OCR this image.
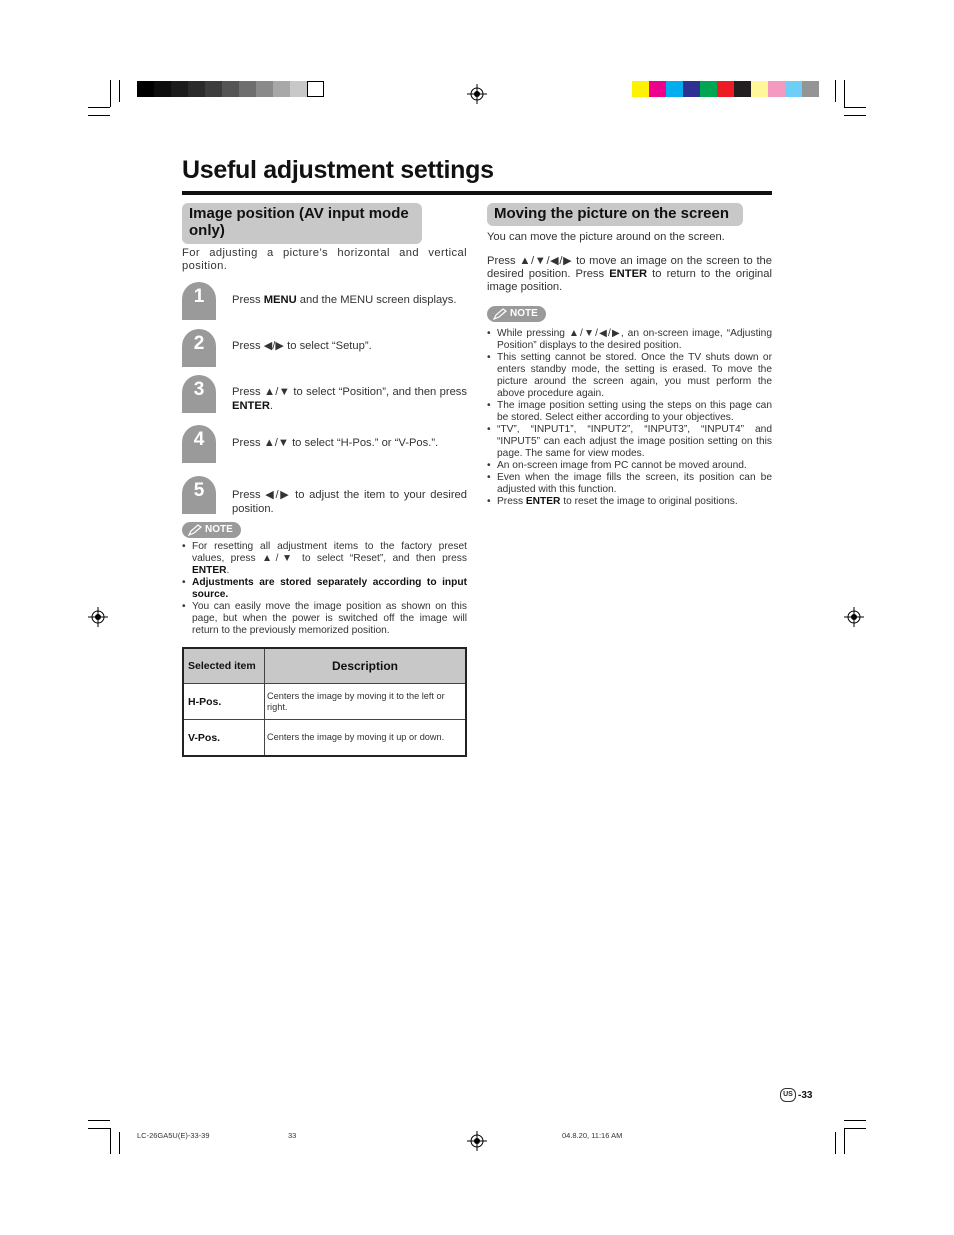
Useful adjustment settings
Image position (AV input mode only)
For adjusting a picture’s horizontal and vertical position.
1	Press MENU and the MENU screen displays.
2	Press ◀/▶ to select “Setup”.
3	Press ▲/▼ to select “Position”, and then press ENTER.
4	Press ▲/▼ to select “H-Pos.” or “V-Pos.”.
5	Press ◀/▶ to adjust the item to your desired position.
NOTE
• For resetting all adjustment items to the factory preset values, press ▲/▼ to select “Reset”, and then press ENTER.
• Adjustments are stored separately according to input source.
• You can easily move the image position as shown on this page, but when the power is switched off the image will return to the previously memorized position.
Selected item	Description
H-Pos.	Centers the image by moving it to the left or right.
V-Pos.	Centers the image by moving it up or down.
Moving the picture on the screen
You can move the picture around on the screen.
Press ▲/▼/◀/▶ to move an image on the screen to the desired position. Press ENTER to return to the original image position.
NOTE
• While pressing ▲/▼/◀/▶, an on-screen image, “Adjusting Position” displays to the desired position.
• This setting cannot be stored. Once the TV shuts down or enters standby mode, the setting is erased. To move the picture around the screen again, you must perform the above procedure again.
• The image position setting using the steps on this page can be stored. Select either according to your objectives.
• “TV”, “INPUT1”, “INPUT2”, “INPUT3”, “INPUT4” and “INPUT5” can each adjust the image position setting on this page. The same for view modes.
• An on-screen image from PC cannot be moved around.
• Even when the image fills the screen, its position can be adjusted with this function.
• Press ENTER to reset the image to original positions.
US -33
LC-26GA5U(E)-33-39	33	04.8.20, 11:16 AM
